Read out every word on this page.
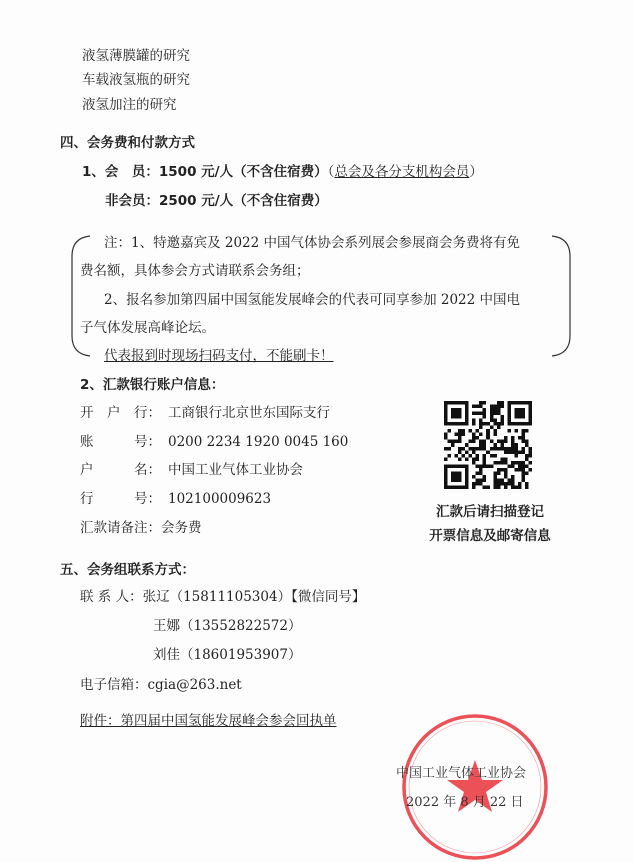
液氢薄膜罐的研究
车载液氢瓶的研究
液氢加注的研究
四、会务费和付款方式
1、会　员：1500 元/人（不含住宿费）（总会及各分支机构会员）
非会员：2500 元/人（不含住宿费）
注：1、特邀嘉宾及 2022 中国气体协会系列展会参展商会务费将有免
费名额，具体参会方式请联系会务组；
2、报名参加第四届中国氢能发展峰会的代表可同享参加 2022 中国电
子气体发展高峰论坛。
代表报到时现场扫码支付，不能刷卡！
2、汇款银行账户信息：
开　户　行： 工商银行北京世东国际支行
账　　　号： 0200 2234 1920 0045 160
户　　　名： 中国工业气体工业协会
行　　　号： 102100009623
汇款请备注：会务费
汇款后请扫描登记
开票信息及邮寄信息
五、会务组联系方式：
联 系 人：张辽（15811105304）【微信同号】
王娜（13552822572）
刘佳（18601953907）
电子信箱：cgia@263.net
附件：第四届中国氢能发展峰会参会回执单
中国工业气体工业协会
2022 年 8 月 22 日
